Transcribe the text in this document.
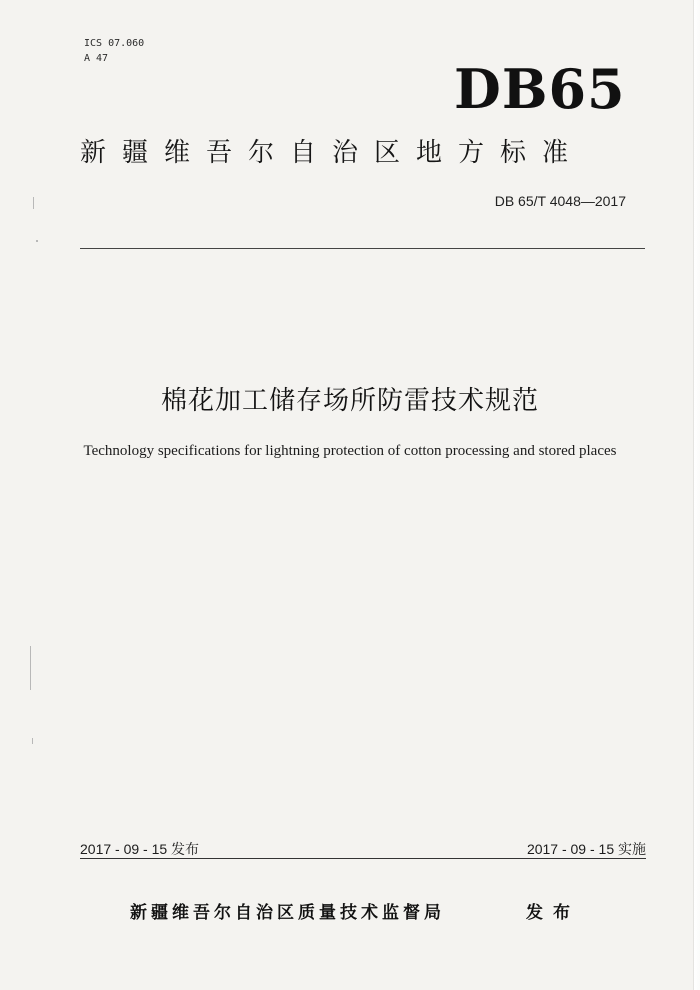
ICS 07.060
A 47	DB65
新疆维吾尔自治区地方标准
DB 65/T 4048—2017
棉花加工储存场所防雷技术规范
Technology specifications for lightning protection of cotton processing and stored places
2017 - 09 - 15 发布	2017 - 09 - 15 实施
新疆维吾尔自治区质量技术监督局	发布
